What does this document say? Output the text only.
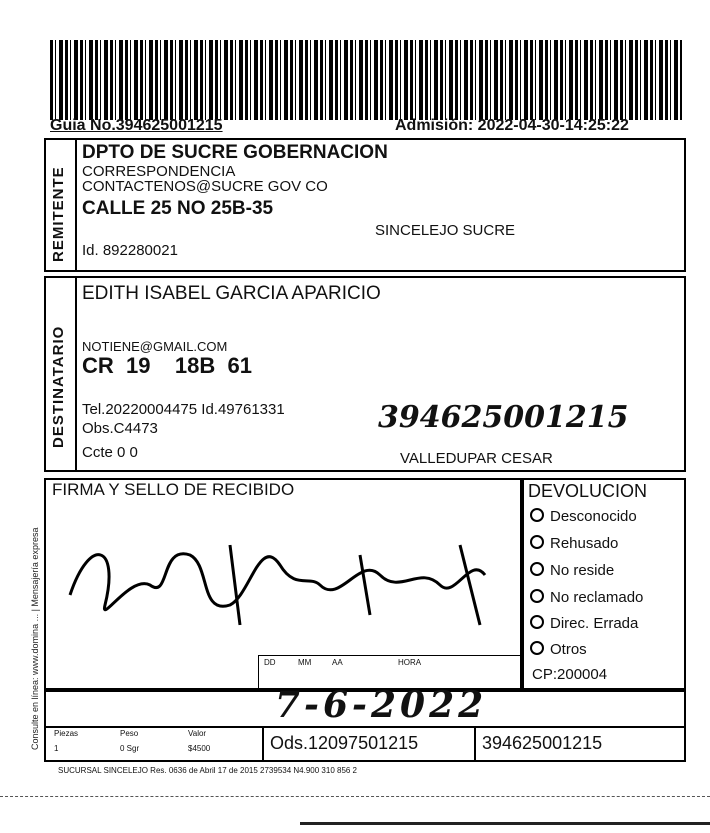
Guia No.394625001215	Admisión: 2022-04-30-14:25:22
Consulte en línea: www.domina ... | Mensajería expresa
REMITENTE
DPTO DE SUCRE GOBERNACION
CORRESPONDENCIA
CONTACTENOS@SUCRE GOV CO
CALLE 25 NO 25B-35
SINCELEJO SUCRE
Id. 892280021
DESTINATARIO
EDITH ISABEL GARCIA APARICIO
NOTIENE@GMAIL.COM
CR  19    18B  61
Tel.20220004475 Id.49761331
Obs.C4473
Ccte 0 0
394625001215
VALLEDUPAR CESAR
FIRMA Y SELLO DE RECIBIDO
DD	MM	AA	HORA
DEVOLUCION
Desconocido
Rehusado
No reside
No reclamado
Direc. Errada
Otros
CP:200004
7-6-2022
Piezas
1
Peso
0 Sgr
Valor
$4500	Ods.12097501215	394625001215
SUCURSAL SINCELEJO Res. 0636 de Abril 17 de 2015 2739534 N4.900 310 856 2
